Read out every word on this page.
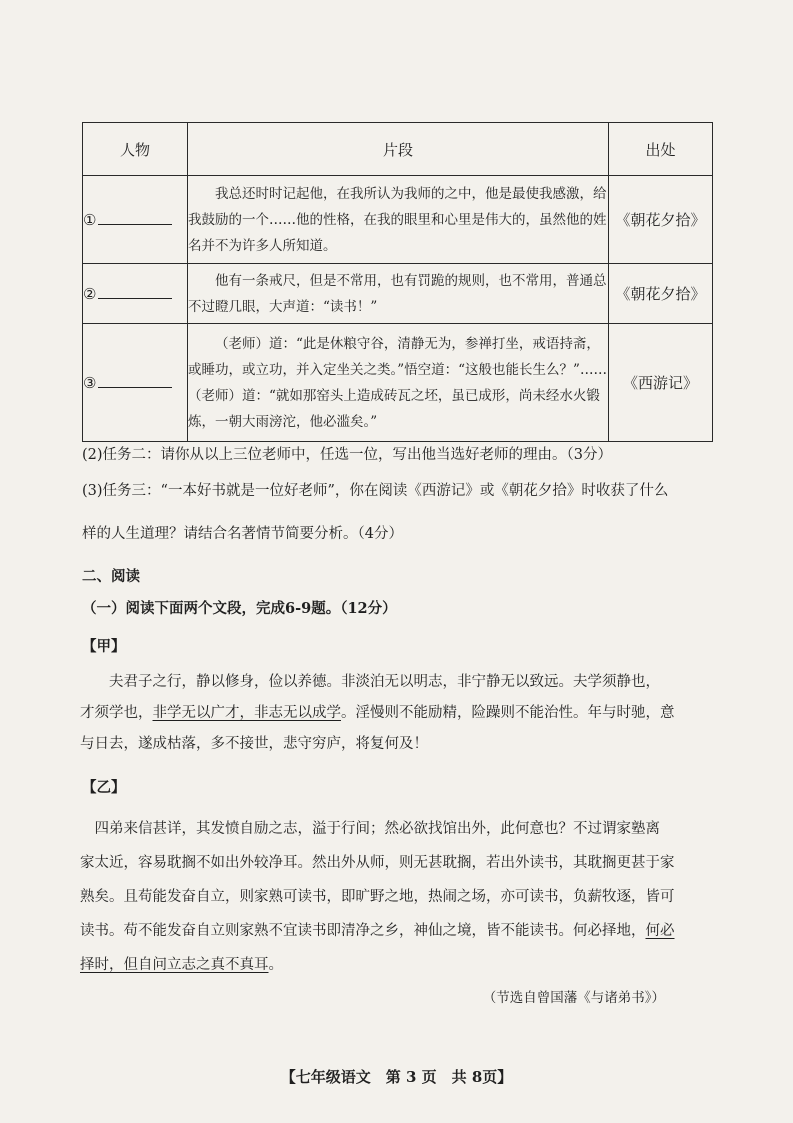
人物	片段	出处
①	我总还时时记起他，在我所认为我师的之中，他是最使我感激，给我鼓励的一个……他的性格，在我的眼里和心里是伟大的，虽然他的姓名并不为许多人所知道。	《朝花夕拾》
②	他有一条戒尺，但是不常用，也有罚跪的规则，也不常用，普通总不过瞪几眼，大声道：“读书！”	《朝花夕拾》
③	（老师）道：“此是休粮守谷，清静无为，参禅打坐，戒语持斋，或睡功，或立功，并入定坐关之类。”悟空道：“这般也能长生么？”……（老师）道：“就如那窑头上造成砖瓦之坯，虽已成形，尚未经水火锻炼，一朝大雨滂沱，他必滥矣。”	《西游记》
(2)任务二：请你从以上三位老师中，任选一位，写出他当选好老师的理由。（3分）
(3)任务三：“一本好书就是一位好老师”，你在阅读《西游记》或《朝花夕拾》时收获了什么
样的人生道理？请结合名著情节简要分析。（4分）
二、阅读
（一）阅读下面两个文段，完成6-9题。（12分）
【甲】
夫君子之行，静以修身，俭以养德。非淡泊无以明志，非宁静无以致远。夫学须静也，
才须学也，非学无以广才，非志无以成学。淫慢则不能励精，险躁则不能治性。年与时驰，意
与日去，遂成枯落，多不接世，悲守穷庐，将复何及！
【乙】
四弟来信甚详，其发愤自励之志，溢于行间；然必欲找馆出外，此何意也？不过谓家塾离
家太近，容易耽搁不如出外较净耳。然出外从师，则无甚耽搁，若出外读书，其耽搁更甚于家
熟矣。且苟能发奋自立，则家熟可读书，即旷野之地，热闹之场，亦可读书，负薪牧逐，皆可
读书。苟不能发奋自立则家熟不宜读书即清净之乡，神仙之境，皆不能读书。何必择地，何必
择时，但自问立志之真不真耳。
（节选自曾国藩《与诸弟书》）
【七年级语文　第 3 页　共 8页】
